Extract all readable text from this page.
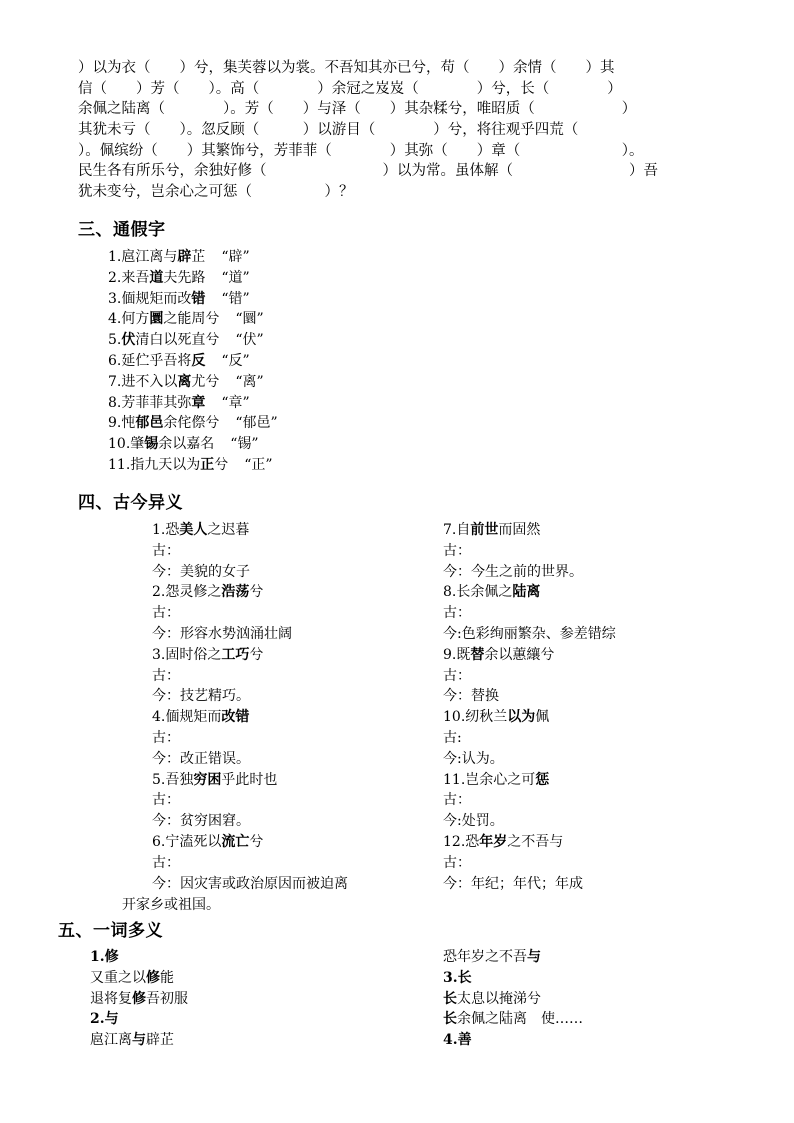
）以为衣（　　）兮，集芙蓉以为裳。不吾知其亦已兮，苟（　　）余情（　　）其
信（　　）芳（　　）。高（　　　　）余冠之岌岌（　　　　）兮，长（　　　　）
余佩之陆离（　　　　）。芳（　　）与泽（　　）其杂糅兮，唯昭质（　　　　　　）
其犹未亏（　　）。忽反顾（　　　）以游目（　　　　）兮，将往观乎四荒（
）。佩缤纷（　　）其繁饰兮，芳菲菲（　　　　）其弥（　　）章（　　　　　　　）。
民生各有所乐兮，余独好修（　　　　　　　　）以为常。虽体解（　　　　　　　　）吾
犹未变兮，岂余心之可惩（　　　　　）？
三、通假字
1.扈江离与辟芷 “辟”
2.来吾道夫先路 “道”
3.偭规矩而改错 “错”
4.何方圜之能周兮 “圜”
5.伏清白以死直兮 “伏”
6.延伫乎吾将反 “反”
7.进不入以离尤兮 “离”
8.芳菲菲其弥章 “章”
9.忳郁邑余侘傺兮 “郁邑”
10.肇锡余以嘉名 “锡”
11.指九天以为正兮 “正”
四、古今异义
1.恐美人之迟暮
古：
今：美貌的女子
2.怨灵修之浩荡兮
古：
今：形容水势汹涌壮阔
3.固时俗之工巧兮
古：
今：技艺精巧。
4.偭规矩而改错
古：
今：改正错误。
5.吾独穷困乎此时也
古：
今：贫穷困窘。
6.宁溘死以流亡兮
古：
今：因灾害或政治原因而被迫离
7.自前世而固然
古：
今：今生之前的世界。
8.长余佩之陆离
古：
今:色彩绚丽繁杂、参差错综
9.既替余以蕙纕兮
古：
今：替换
10.纫秋兰以为佩
古:
今:认为。
11.岂余心之可惩
古：
今:处罚。
12.恐年岁之不吾与
古：
今：年纪；年代；年成
开家乡或祖国。
五、一词多义
1.修
又重之以修能
退将复修吾初服
2.与
扈江离与辟芷
恐年岁之不吾与
3.长
长太息以掩涕兮
长余佩之陆离　使……
4.善
